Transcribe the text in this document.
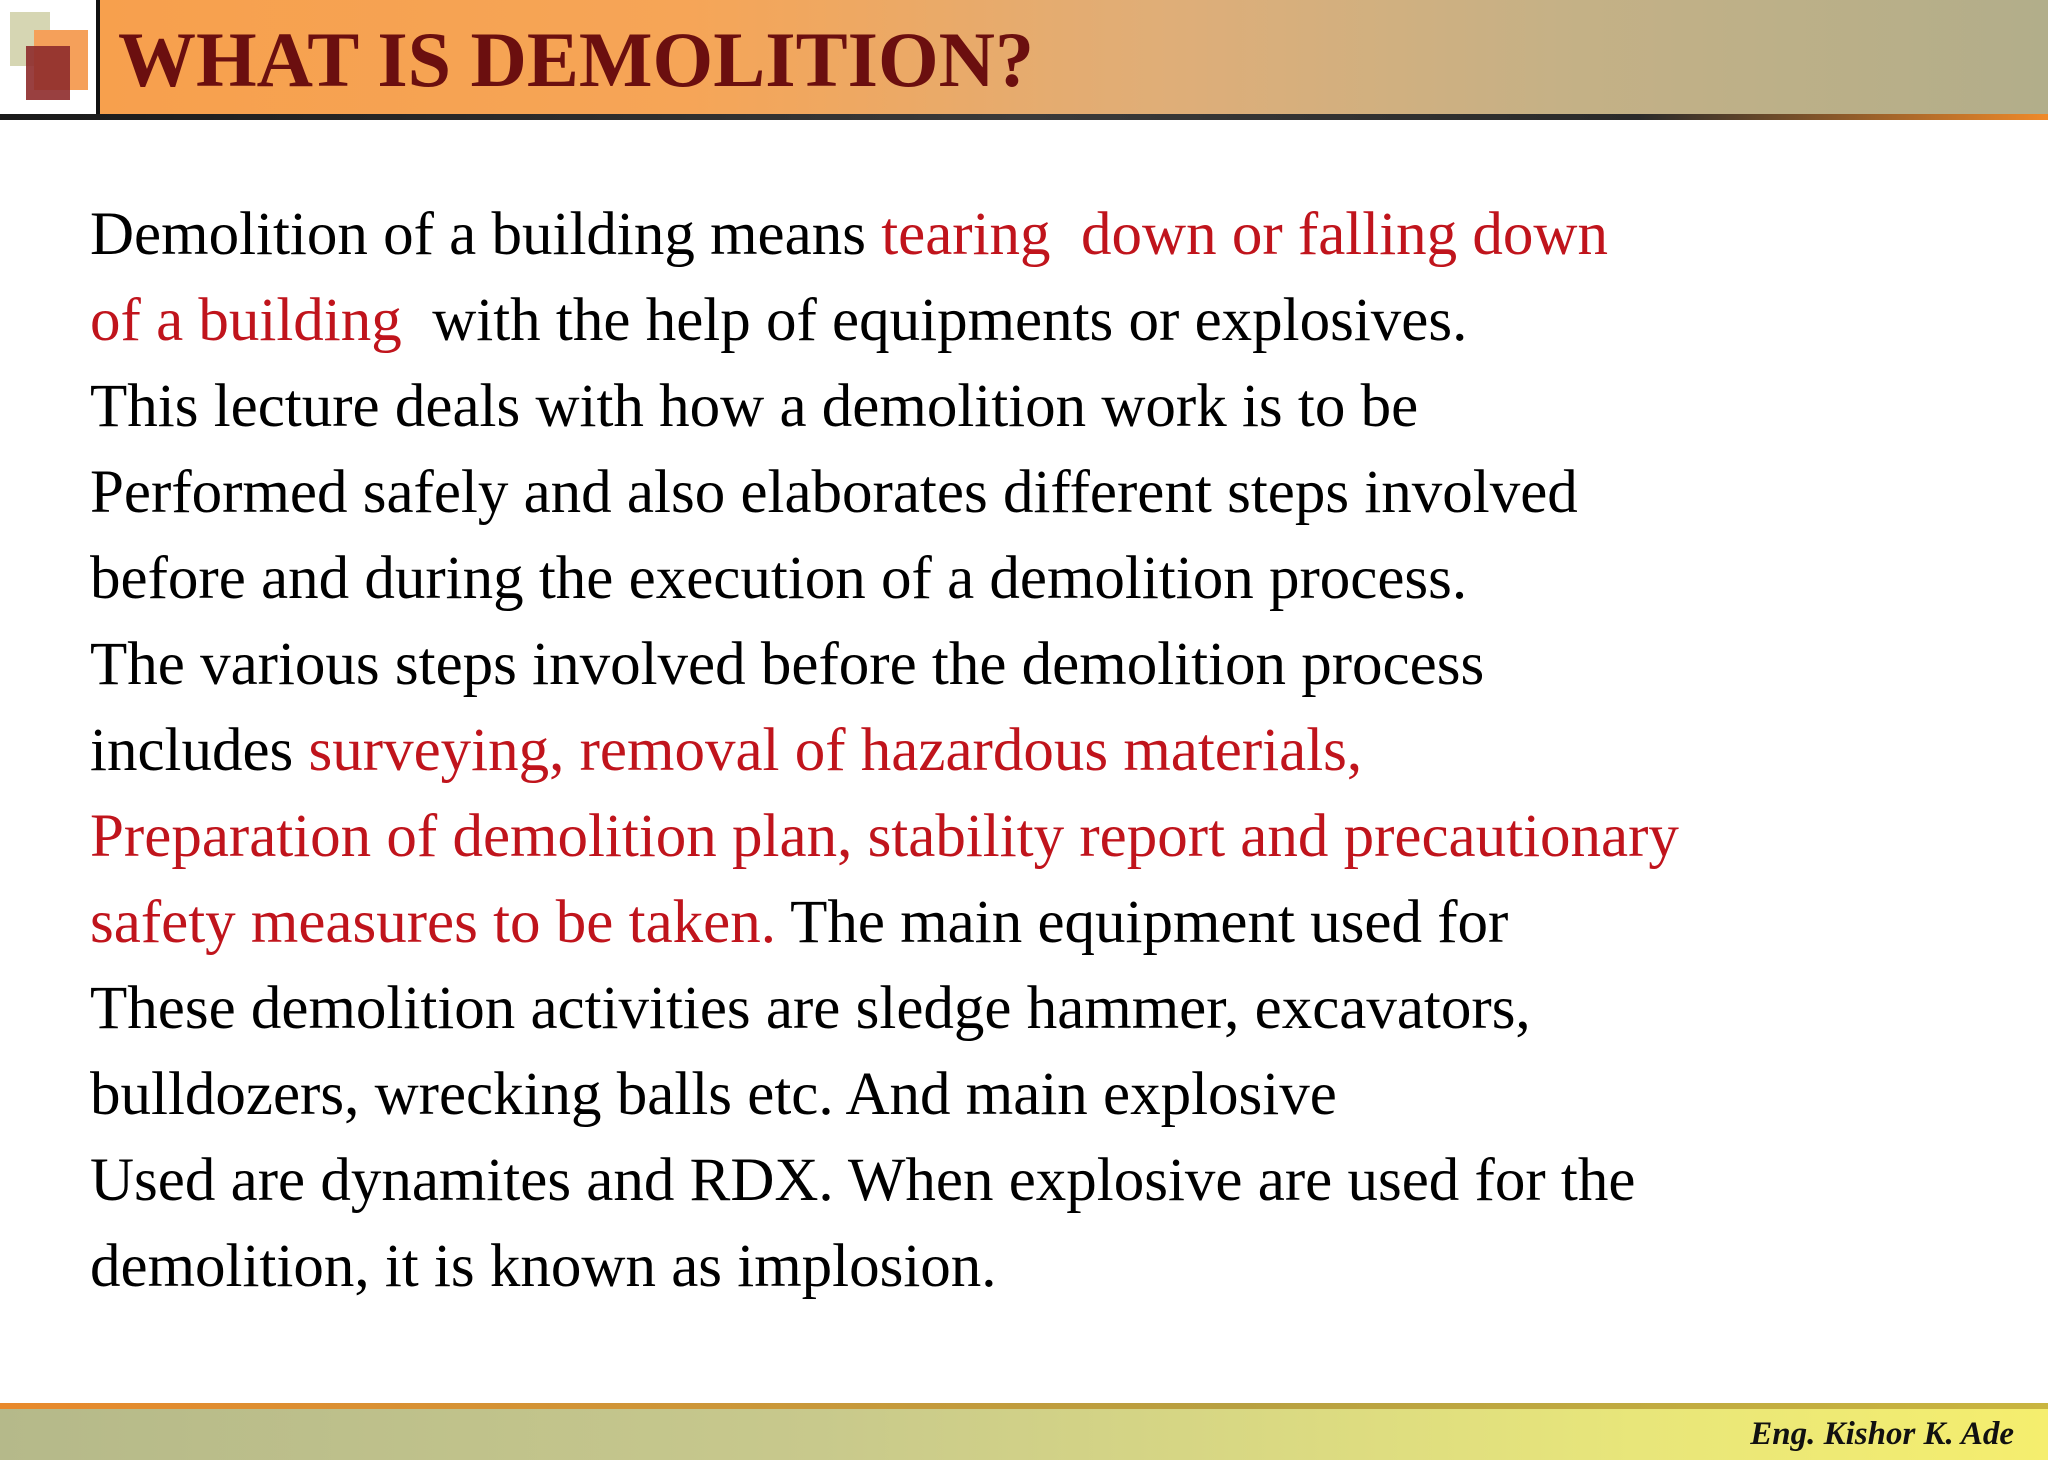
WHAT IS DEMOLITION?
Demolition of a building means tearing  down or falling down
of a building  with the help of equipments or explosives.
This lecture deals with how a demolition work is to be
Performed safely and also elaborates different steps involved
before and during the execution of a demolition process.
The various steps involved before the demolition process
includes surveying, removal of hazardous materials,
Preparation of demolition plan, stability report and precautionary
safety measures to be taken. The main equipment used for
These demolition activities are sledge hammer, excavators,
bulldozers, wrecking balls etc. And main explosive
Used are dynamites and RDX. When explosive are used for the
demolition, it is known as implosion.
Eng. Kishor K. Ade
